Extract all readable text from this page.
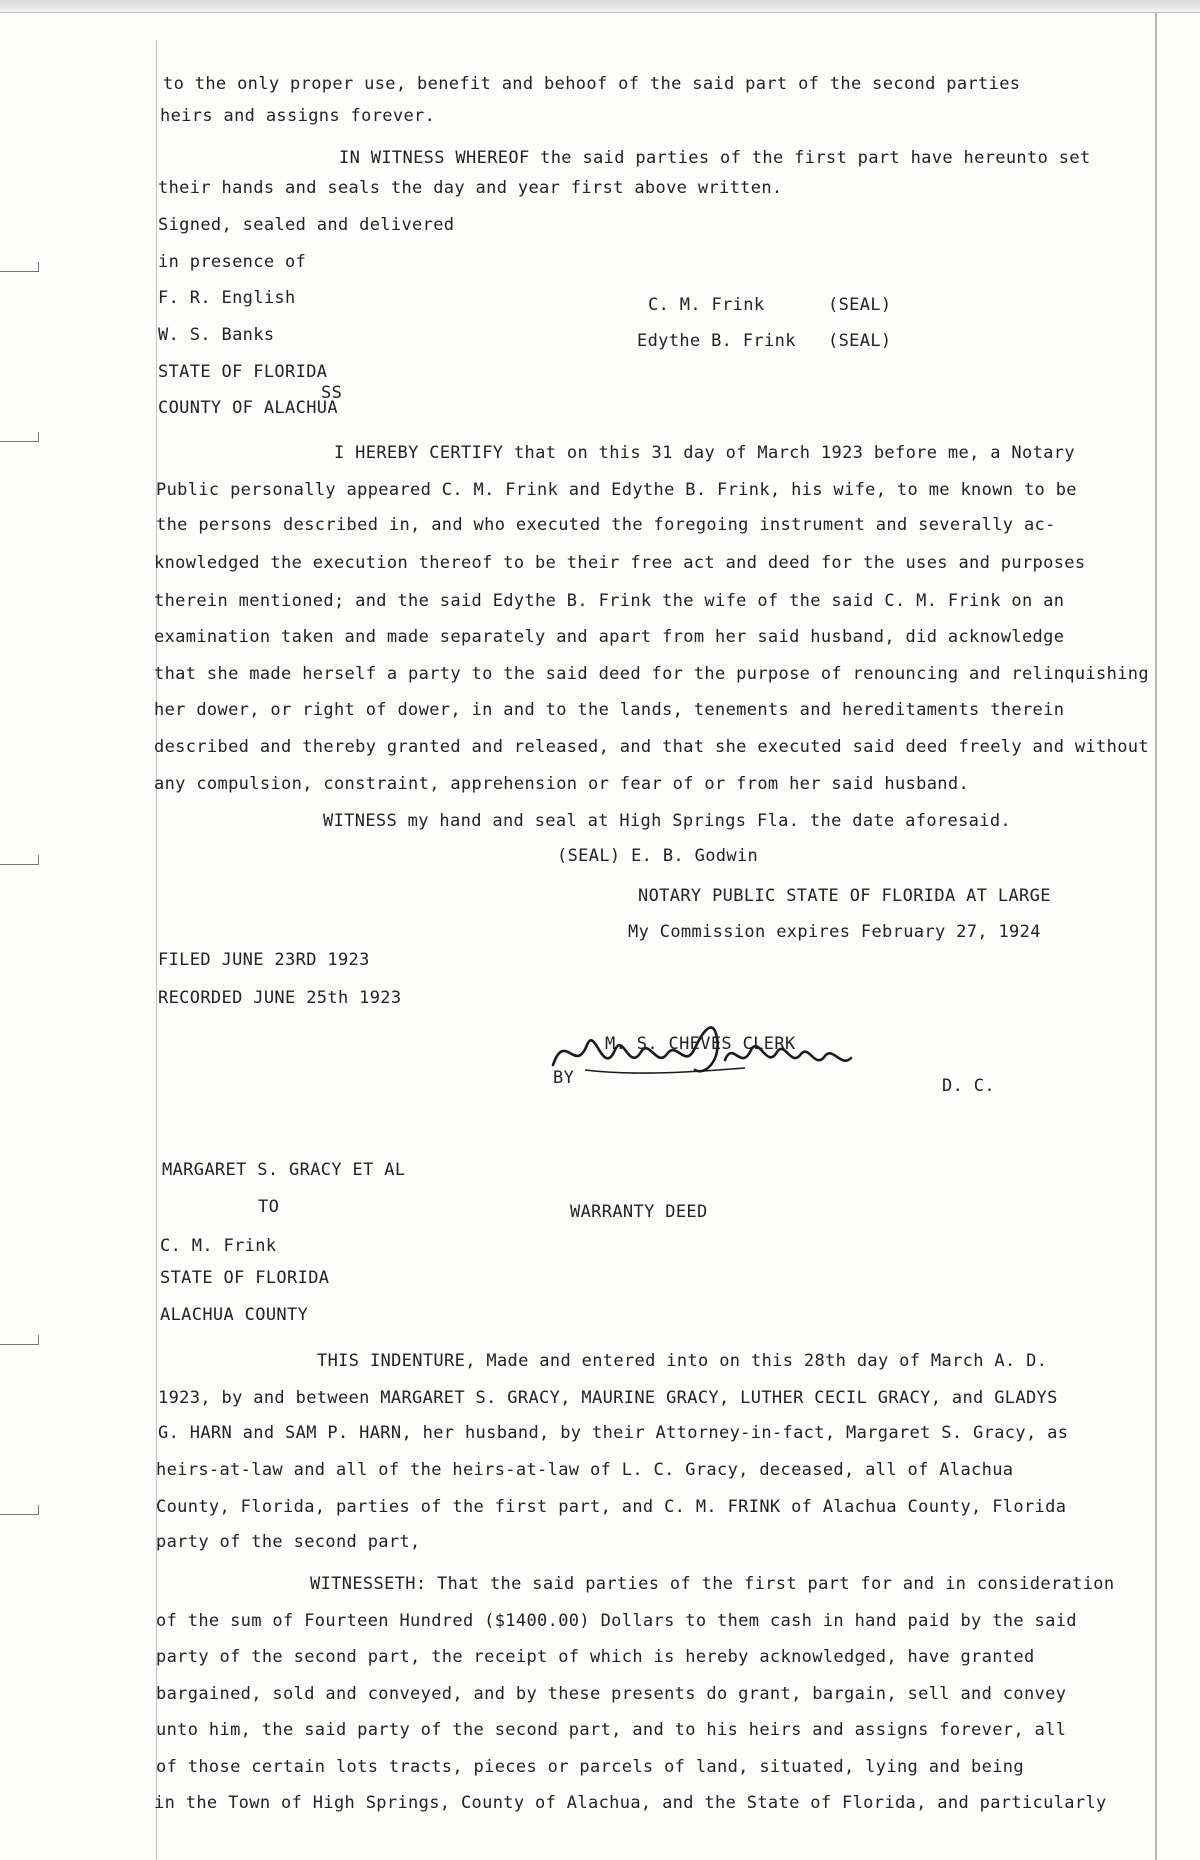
to the only proper use, benefit and behoof of the said part of the second parties
heirs and assigns forever.
IN WITNESS WHEREOF the said parties of the first part have hereunto set
their hands and seals the day and year first above written.
Signed, sealed and delivered
in presence of
F. R. English	C. M. Frink	(SEAL)
W. S. Banks	Edythe B. Frink (SEAL)
STATE OF FLORIDA
SS
COUNTY OF ALACHUA
I HEREBY CERTIFY that on this 31 day of March 1923 before me, a Notary
Public personally appeared C. M. Frink and Edythe B. Frink, his wife, to me known to be
the persons described in, and who executed the foregoing instrument and severally ac-
knowledged the execution thereof to be their free act and deed for the uses and purposes
therein mentioned; and the said Edythe B. Frink the wife of the said C. M. Frink on an
examination taken and made separately and apart from her said husband, did acknowledge
that she made herself a party to the said deed for the purpose of renouncing and relinquishing
her dower, or right of dower, in and to the lands, tenements and hereditaments therein
described and thereby granted and released, and that she executed said deed freely and without
any compulsion, constraint, apprehension or fear of or from her said husband.
WITNESS my hand and seal at High Springs Fla. the date aforesaid.
(SEAL) E. B. Godwin
NOTARY PUBLIC STATE OF FLORIDA AT LARGE
My Commission expires February 27, 1924
FILED JUNE 23RD 1923
RECORDED JUNE 25th 1923
M. S. CHEVES CLERK
BY	D. C.
MARGARET S. GRACY ET AL
TO	WARRANTY DEED
C. M. Frink
STATE OF FLORIDA
ALACHUA COUNTY
THIS INDENTURE, Made and entered into on this 28th day of March A. D.
1923, by and between MARGARET S. GRACY, MAURINE GRACY, LUTHER CECIL GRACY, and GLADYS
G. HARN and SAM P. HARN, her husband, by their Attorney-in-fact, Margaret S. Gracy, as
heirs-at-law and all of the heirs-at-law of L. C. Gracy, deceased, all of Alachua
County, Florida, parties of the first part, and C. M. FRINK of Alachua County, Florida
party of the second part,
WITNESSETH: That the said parties of the first part for and in consideration
of the sum of Fourteen Hundred ($1400.00) Dollars to them cash in hand paid by the said
party of the second part, the receipt of which is hereby acknowledged, have granted
bargained, sold and conveyed, and by these presents do grant, bargain, sell and convey
unto him, the said party of the second part, and to his heirs and assigns forever, all
of those certain lots tracts, pieces or parcels of land, situated, lying and being
in the Town of High Springs, County of Alachua, and the State of Florida, and particularly
